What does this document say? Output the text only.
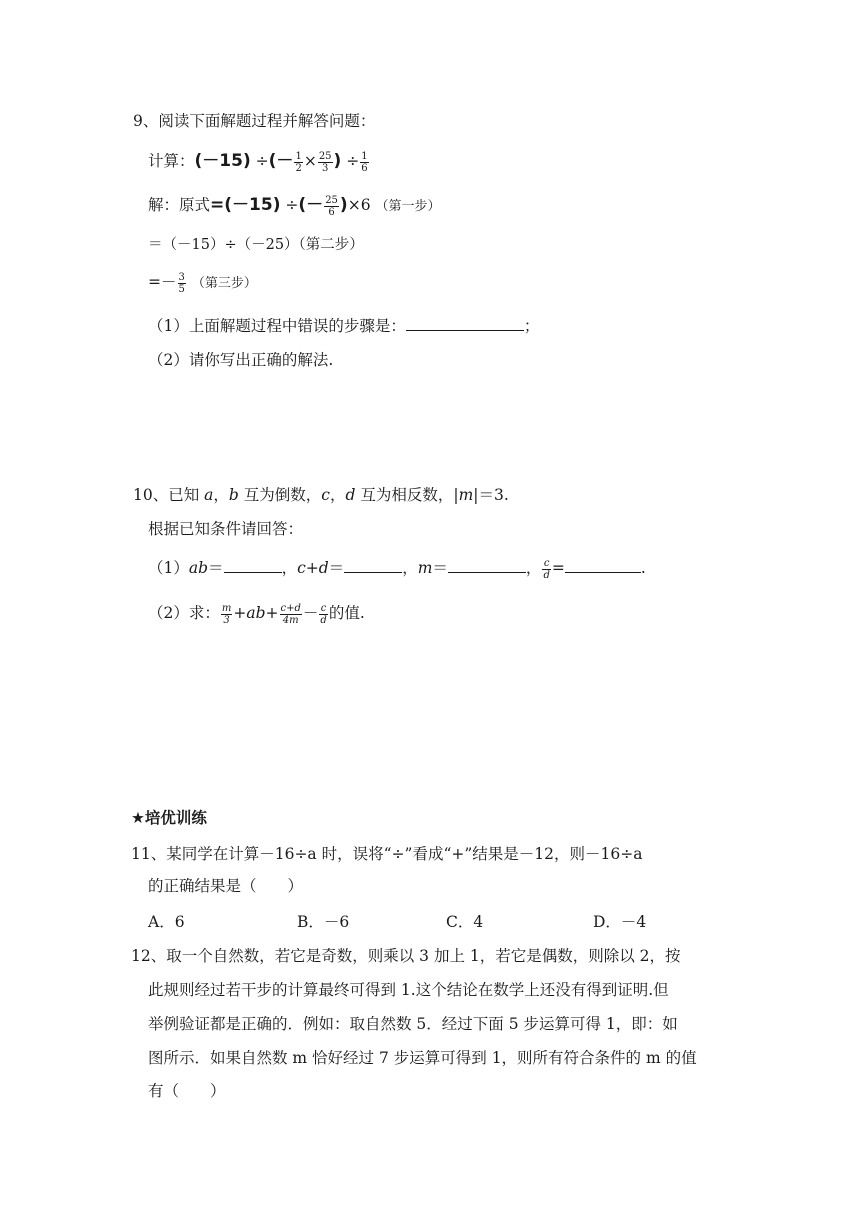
9、阅读下面解题过程并解答问题：
计算：(－15) ÷(－ $\frac{1}{2} \times \frac{25}{3}$ ) ÷ $\frac{1}{6}$
解：原式=(－15) ÷(－ $\frac{25}{6} )\times 6$ （第一步）
＝（－15）÷（－25）（第二步）
=－ $\frac{3}{5}$ （第三步）
（1）上面解题过程中错误的步骤是：	；
（2）请你写出正确的解法.
10、已知 a，b 互为倒数，c，d 互为相反数，|m|＝3.
根据已知条件请回答：
（1）ab＝	，c+d＝	，m＝	， $\frac{c}{d}$ =	.
（2）求： $\frac{m}{3} +ab+ \frac{c+d}{4m} - \frac{c}{d}$ 的值.
★培优训练
11、某同学在计算－16÷a 时，误将“÷”看成“+”结果是－12，则－16÷a
的正确结果是（　　）
A．6	B．－6	C．4	D．－4
12、取一个自然数，若它是奇数，则乘以 3 加上 1，若它是偶数，则除以 2，按
此规则经过若干步的计算最终可得到 1.这个结论在数学上还没有得到证明.但
举例验证都是正确的．例如：取自然数 5．经过下面 5 步运算可得 1，即：如
图所示．如果自然数 m 恰好经过 7 步运算可得到 1，则所有符合条件的 m 的值
有（　　）
